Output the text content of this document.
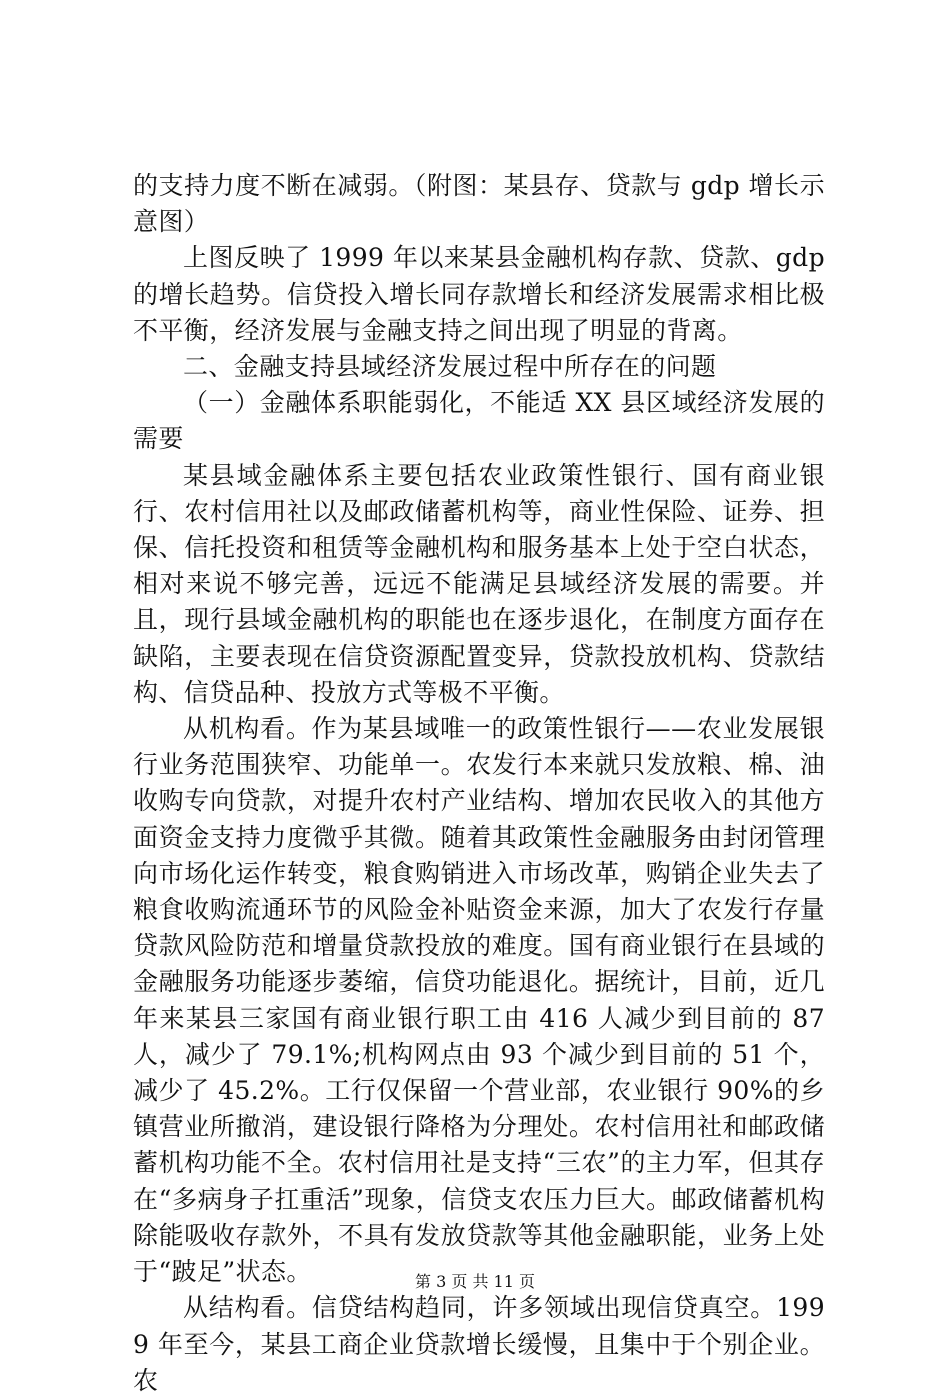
的支持力度不断在减弱。（附图：某县存、贷款与 gdp 增长示意图）

上图反映了 1999 年以来某县金融机构存款、贷款、gdp 的增长趋势。信贷投入增长同存款增长和经济发展需求相比极不平衡，经济发展与金融支持之间出现了明显的背离。

二、金融支持县域经济发展过程中所存在的问题

（一）金融体系职能弱化，不能适 XX 县区域经济发展的需要

某县域金融体系主要包括农业政策性银行、国有商业银行、农村信用社以及邮政储蓄机构等，商业性保险、证券、担保、信托投资和租赁等金融机构和服务基本上处于空白状态，相对来说不够完善，远远不能满足县域经济发展的需要。并且，现行县域金融机构的职能也在逐步退化，在制度方面存在缺陷，主要表现在信贷资源配置变异，贷款投放机构、贷款结构、信贷品种、投放方式等极不平衡。

从机构看。作为某县域唯一的政策性银行——农业发展银行业务范围狭窄、功能单一。农发行本来就只发放粮、棉、油收购专向贷款，对提升农村产业结构、增加农民收入的其他方面资金支持力度微乎其微。随着其政策性金融服务由封闭管理向市场化运作转变，粮食购销进入市场改革，购销企业失去了粮食收购流通环节的风险金补贴资金来源，加大了农发行存量贷款风险防范和增量贷款投放的难度。国有商业银行在县域的金融服务功能逐步萎缩，信贷功能退化。据统计，目前，近几年来某县三家国有商业银行职工由 416 人减少到目前的 87 人，减少了 79.1%;机构网点由 93 个减少到目前的 51 个，减少了 45.2%。工行仅保留一个营业部，农业银行 90%的乡镇营业所撤消，建设银行降格为分理处。农村信用社和邮政储蓄机构功能不全。农村信用社是支持“三农”的主力军，但其存在“多病身子扛重活”现象，信贷支农压力巨大。邮政储蓄机构除能吸收存款外，不具有发放贷款等其他金融职能，业务上处于“跛足”状态。

从结构看。信贷结构趋同，许多领域出现信贷真空。1999 年至今，某县工商企业贷款增长缓慢，且集中于个别企业。农

第 3 页 共 11 页
